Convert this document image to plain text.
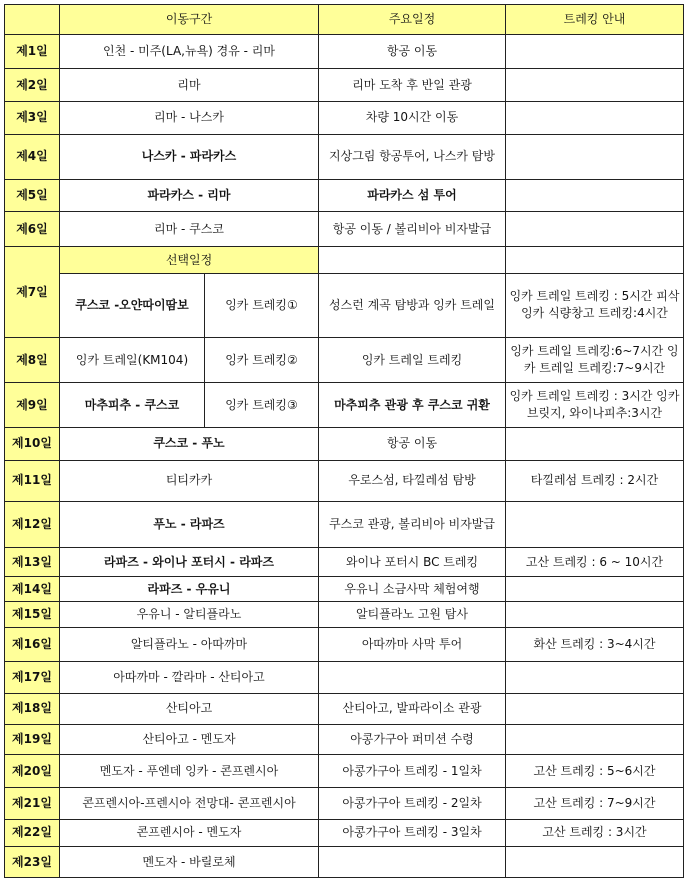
	이동구간		주요일정	트레킹 안내
제1일	인천 - 미주(LA,뉴욕) 경유 - 리마		항공 이동	
제2일	리마		리마 도착 후 반일 관광	
제3일	리마 - 나스카		차량 10시간 이동	
제4일	나스카 - 파라카스		지상그림 항공투어, 나스카 탐방	
제5일	파라카스 - 리마		파라카스 섬 투어	
제6일	리마 - 쿠스코		항공 이동 / 볼리비아 비자발급	
제7일	선택일정			
	쿠스코 -오얀따이땀보	잉카 트레킹①	성스런 계곡 탐방과 잉카 트레일	잉카 트레일 트레킹 : 5시간 피삭잉카 식량창고 트레킹:4시간
제8일	잉카 트레일(KM104)	잉카 트레킹②	잉카 트레일 트레킹	잉카 트레일 트레킹:6~7시간 잉카 트레일 트레킹:7~9시간
제9일	마추피추 - 쿠스코	잉카 트레킹③	마추피추 관광 후 쿠스코 귀환	잉카 트레일 트레킹 : 3시간 잉카브릿지, 와이나피추:3시간
제10일	쿠스코 - 푸노		항공 이동	
제11일	티티카카		우로스섬, 타낄레섬 탐방	타낄레섬 트레킹 : 2시간
제12일	푸노 - 라파즈		쿠스코 관광, 볼리비아 비자발급	
제13일	라파즈 - 와이나 포터시 - 라파즈		와이나 포터시 BC 트레킹	고산 트레킹 : 6 ~ 10시간
제14일	라파즈 - 우유니		우유니 소금사막 체험여행	
제15일	우유니 - 알티플라노		알티플라노 고원 탐사	
제16일	알티플라노 - 아따까마		아따까마 사막 투어	화산 트레킹 : 3~4시간
제17일	아따까마 - 깔라마 - 산티아고			
제18일	산티아고		산티아고, 발파라이소 관광	
제19일	산티아고 - 멘도자		아콩가구아 퍼미션 수령	
제20일	멘도자 - 푸엔데 잉카 - 콘프렌시아		아콩가구아 트레킹 - 1일차	고산 트레킹 : 5~6시간
제21일	콘프렌시아-프렌시아 전망대- 콘프렌시아		아콩가구아 트레킹 - 2일차	고산 트레킹 : 7~9시간
제22일	콘프렌시아 - 멘도자		아콩가구아 트레킹 - 3일차	고산 트레킹 : 3시간
제23일	멘도자 - 바릴로체			
